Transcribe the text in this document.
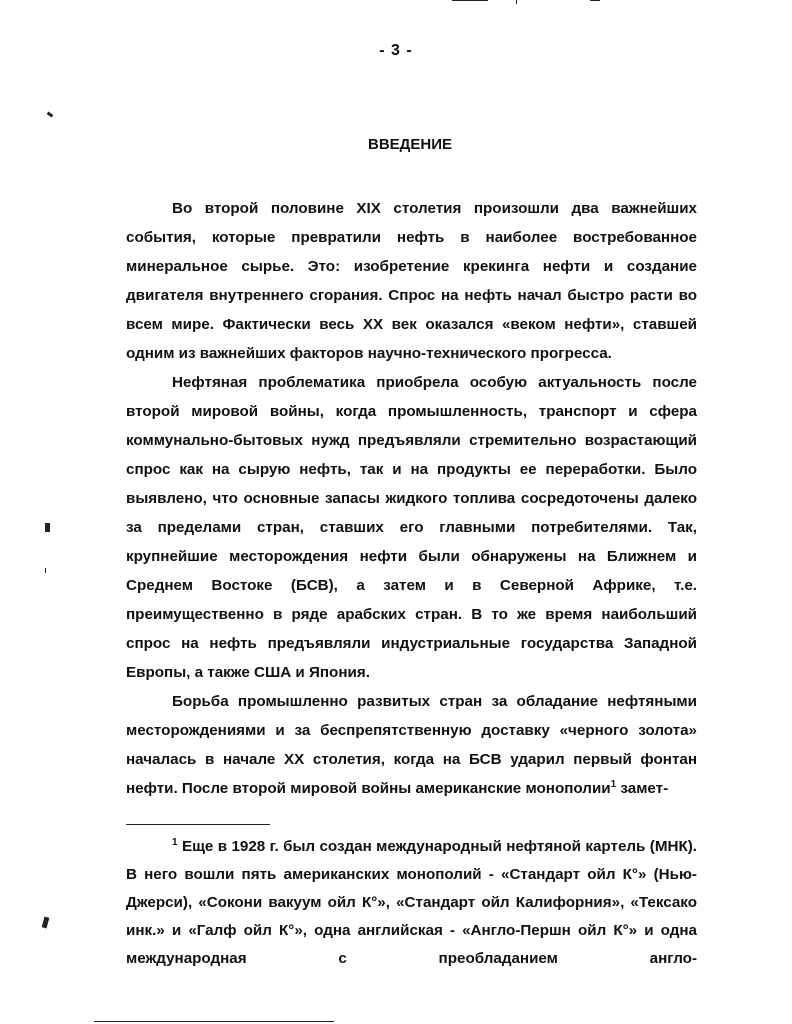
- 3 -
ВВЕДЕНИЕ

Во второй половине XIX столетия произошли два важнейших события, которые превратили нефть в наиболее востребованное минеральное сырье. Это: изобретение крекинга нефти и создание двигателя внутреннего сгорания. Спрос на нефть начал быстро расти во всем мире. Фактически весь ХХ век оказался «веком нефти», ставшей одним из важнейших факторов научно-технического прогресса.

Нефтяная проблематика приобрела особую актуальность после второй мировой войны, когда промышленность, транспорт и сфера коммунально-бытовых нужд предъявляли стремительно возрастающий спрос как на сырую нефть, так и на продукты ее переработки. Было выявлено, что основные запасы жидкого топлива сосредоточены далеко за пределами стран, ставших его главными потребителями. Так, крупнейшие месторождения нефти были обнаружены на Ближнем и Среднем Востоке (БСВ), а затем и в Северной Африке, т.е. преимущественно в ряде арабских стран. В то же время наибольший спрос на нефть предъявляли индустриальные государства Западной Европы, а также США и Япония.

Борьба промышленно развитых стран за обладание нефтяными месторождениями и за беспрепятственную доставку «черного золота» началась в начале ХХ столетия, когда на БСВ ударил первый фонтан нефти. После второй мировой войны американские монополии$^1$ замет-

$^1$ Еще в 1928 г. был создан международный нефтяной картель (МНК). В него вошли пять американских монополий - «Стандарт ойл К°» (Нью-Джерси), «Сокони вакуум ойл К°», «Стандарт ойл Калифорния», «Тексако инк.» и «Галф ойл К°», одна английская - «Англо-Першн ойл К°» и одна международная с преобладанием англо-
